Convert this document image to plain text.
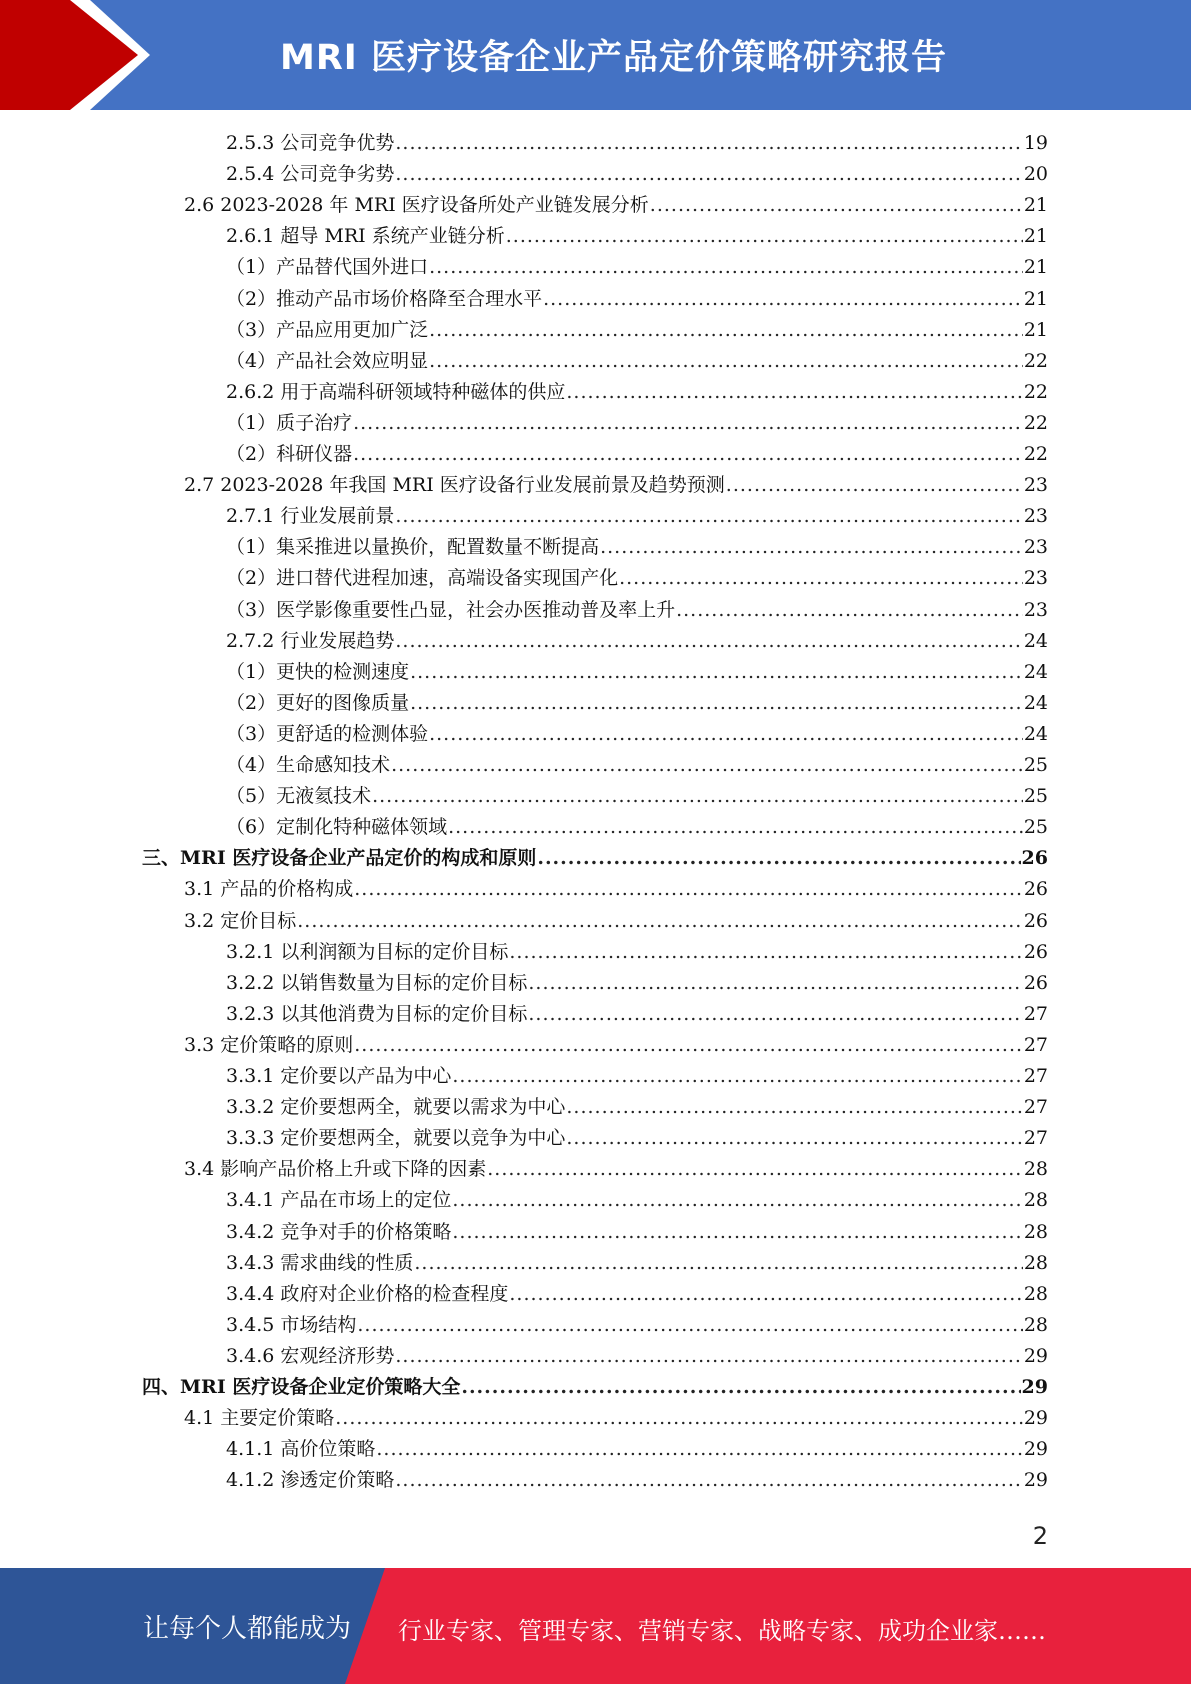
MRI 医疗设备企业产品定价策略研究报告
2.5.3 公司竞争优势 .....	19
2.5.4 公司竞争劣势 .....	20
2.6 2023-2028 年 MRI 医疗设备所处产业链发展分析 .....	21
2.6.1 超导 MRI 系统产业链分析 .....	21
（1）产品替代国外进口 .....	21
（2）推动产品市场价格降至合理水平 .....	21
（3）产品应用更加广泛 .....	21
（4）产品社会效应明显 .....	22
2.6.2 用于高端科研领域特种磁体的供应 .....	22
（1）质子治疗 .....	22
（2）科研仪器 .....	22
2.7 2023-2028 年我国 MRI 医疗设备行业发展前景及趋势预测 .....	23
2.7.1 行业发展前景 .....	23
（1）集采推进以量换价，配置数量不断提高 .....	23
（2）进口替代进程加速，高端设备实现国产化 .....	23
（3）医学影像重要性凸显，社会办医推动普及率上升 .....	23
2.7.2 行业发展趋势 .....	24
（1）更快的检测速度 .....	24
（2）更好的图像质量 .....	24
（3）更舒适的检测体验 .....	24
（4）生命感知技术 .....	25
（5）无液氦技术 .....	25
（6）定制化特种磁体领域 .....	25
三、MRI 医疗设备企业产品定价的构成和原则 .....	26
3.1 产品的价格构成 .....	26
3.2 定价目标 .....	26
3.2.1 以利润额为目标的定价目标 .....	26
3.2.2 以销售数量为目标的定价目标 .....	26
3.2.3 以其他消费为目标的定价目标 .....	27
3.3 定价策略的原则 .....	27
3.3.1 定价要以产品为中心 .....	27
3.3.2 定价要想两全，就要以需求为中心 .....	27
3.3.3 定价要想两全，就要以竞争为中心 .....	27
3.4 影响产品价格上升或下降的因素 .....	28
3.4.1 产品在市场上的定位 .....	28
3.4.2 竞争对手的价格策略 .....	28
3.4.3 需求曲线的性质 .....	28
3.4.4 政府对企业价格的检查程度 .....	28
3.4.5 市场结构 .....	28
3.4.6 宏观经济形势 .....	29
四、MRI 医疗设备企业定价策略大全 .....	29
4.1 主要定价策略 .....	29
4.1.1 高价位策略 .....	29
4.1.2 渗透定价策略 .....	29
2
让每个人都能成为 行业专家、管理专家、营销专家、战略专家、成功企业家……
